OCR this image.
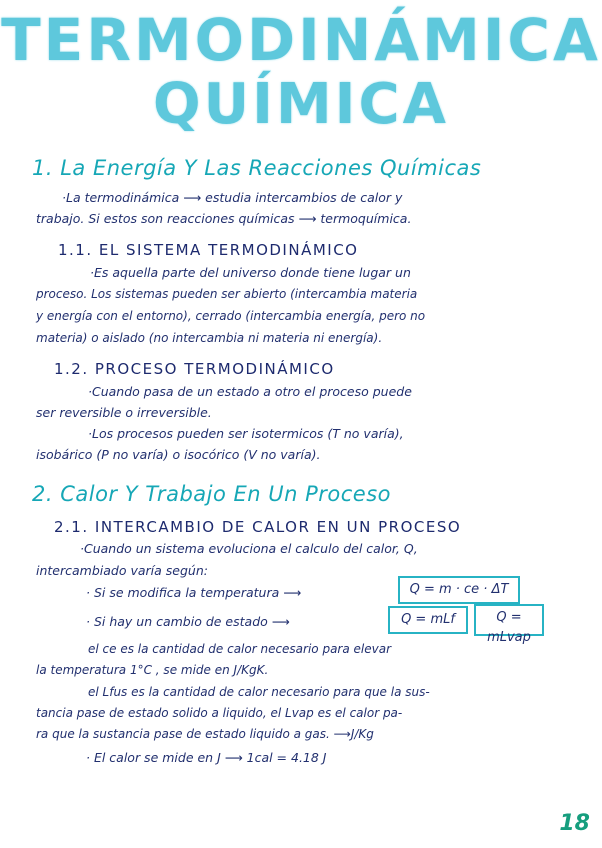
TERMODINÁMICA
QUÍMICA
1. La Energía Y Las Reacciones Químicas
·La termodinámica ⟶ estudia intercambios de calor y
trabajo. Si estos son reacciones químicas ⟶ termoquímica.
1.1. EL SISTEMA TERMODINÁMICO
·Es aquella parte del universo donde tiene lugar un
proceso. Los sistemas pueden ser abierto (intercambia materia
y energía con el entorno), cerrado (intercambia energía, pero no
materia) o aislado (no intercambia ni materia ni energía).
1.2. PROCESO TERMODINÁMICO
·Cuando pasa de un estado a otro el proceso puede
ser reversible o irreversible.
·Los procesos pueden ser isotermicos (T no varía),
isobárico (P no varía) o isocórico (V no varía).
2. Calor Y Trabajo En Un Proceso
2.1. INTERCAMBIO DE CALOR EN UN PROCESO
·Cuando un sistema evoluciona el calculo del calor, Q,
intercambiado varía según:
· Si se modifica la temperatura ⟶	Q = m · ce · ΔT
· Si hay un cambio de estado ⟶	Q = mLf	Q = mLvap
el ce es la cantidad de calor necesario para elevar
la temperatura 1°C , se mide en J/KgK.
el Lfus es la cantidad de calor necesario para que la sus-
tancia pase de estado solido a liquido, el Lvap es el calor pa-
ra que la sustancia pase de estado liquido a gas. ⟶J/Kg
· El calor se mide en J ⟶ 1cal = 4.18 J
18
